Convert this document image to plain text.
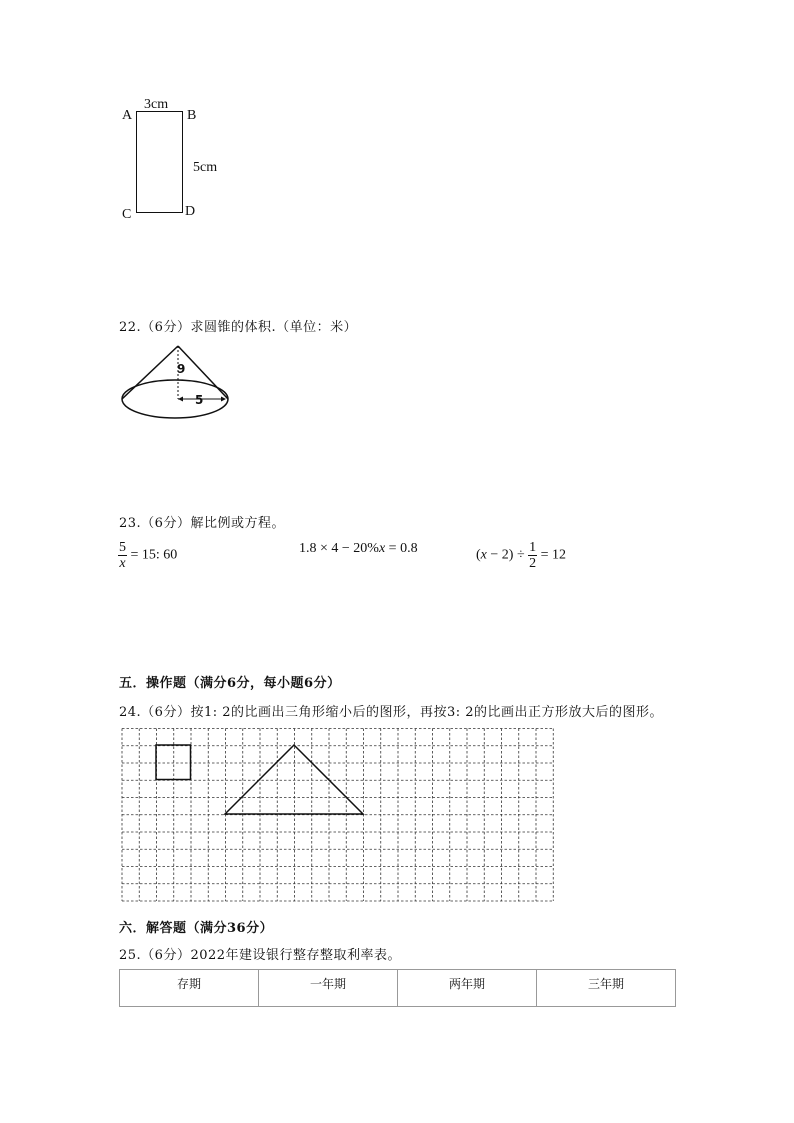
3cm
A	B
5cm
C	D
22.（6分）求圆锥的体积.（单位：米）
9
5
23.（6分）解比例或方程。
$\frac{5}{x} = 15$: 60	1.8 × 4 − 20%x = 0.8	$(x - 2) \div \frac{1}{2} = 12$
五．操作题（满分6分，每小题6分）
24.（6分）按1: 2的比画出三角形缩小后的图形，再按3: 2的比画出正方形放大后的图形。
六．解答题（满分36分）
25.（6分）2022年建设银行整存整取利率表。
存期	一年期	两年期	三年期
